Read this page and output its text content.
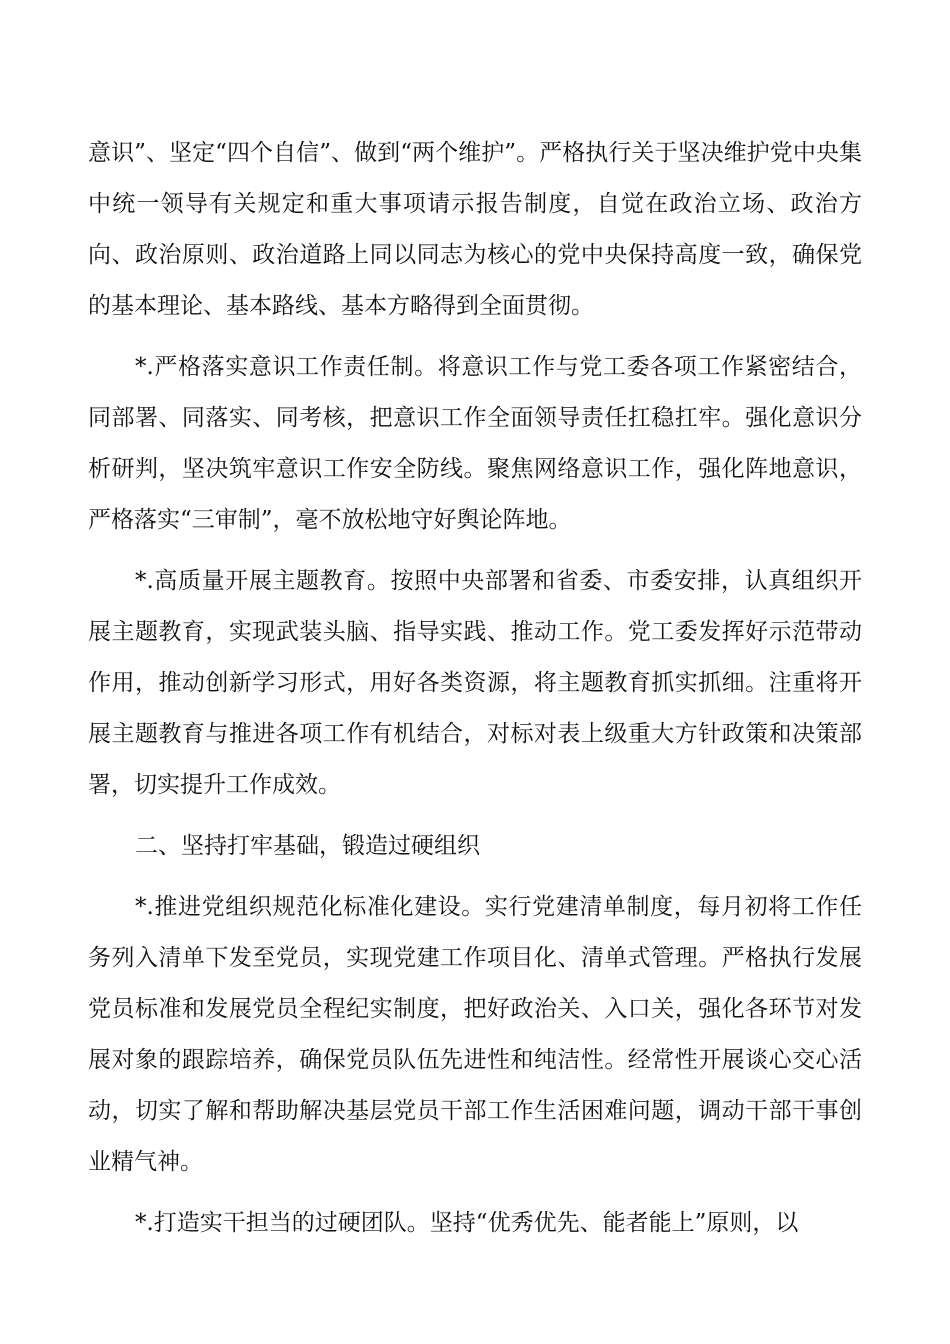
意识”、坚定“四个自信”、做到“两个维护”。严格执行关于坚决维护党中央集中统一领导有关规定和重大事项请示报告制度，自觉在政治立场、政治方向、政治原则、政治道路上同以同志为核心的党中央保持高度一致，确保党的基本理论、基本路线、基本方略得到全面贯彻。

*.严格落实意识工作责任制。将意识工作与党工委各项工作紧密结合，同部署、同落实、同考核，把意识工作全面领导责任扛稳扛牢。强化意识分析研判，坚决筑牢意识工作安全防线。聚焦网络意识工作，强化阵地意识，严格落实“三审制”，毫不放松地守好舆论阵地。

*.高质量开展主题教育。按照中央部署和省委、市委安排，认真组织开展主题教育，实现武装头脑、指导实践、推动工作。党工委发挥好示范带动作用，推动创新学习形式，用好各类资源，将主题教育抓实抓细。注重将开展主题教育与推进各项工作有机结合，对标对表上级重大方针政策和决策部署，切实提升工作成效。

二、坚持打牢基础，锻造过硬组织

*.推进党组织规范化标准化建设。实行党建清单制度，每月初将工作任务列入清单下发至党员，实现党建工作项目化、清单式管理。严格执行发展党员标准和发展党员全程纪实制度，把好政治关、入口关，强化各环节对发展对象的跟踪培养，确保党员队伍先进性和纯洁性。经常性开展谈心交心活动，切实了解和帮助解决基层党员干部工作生活困难问题，调动干部干事创业精气神。

*.打造实干担当的过硬团队。坚持“优秀优先、能者能上”原则，以
